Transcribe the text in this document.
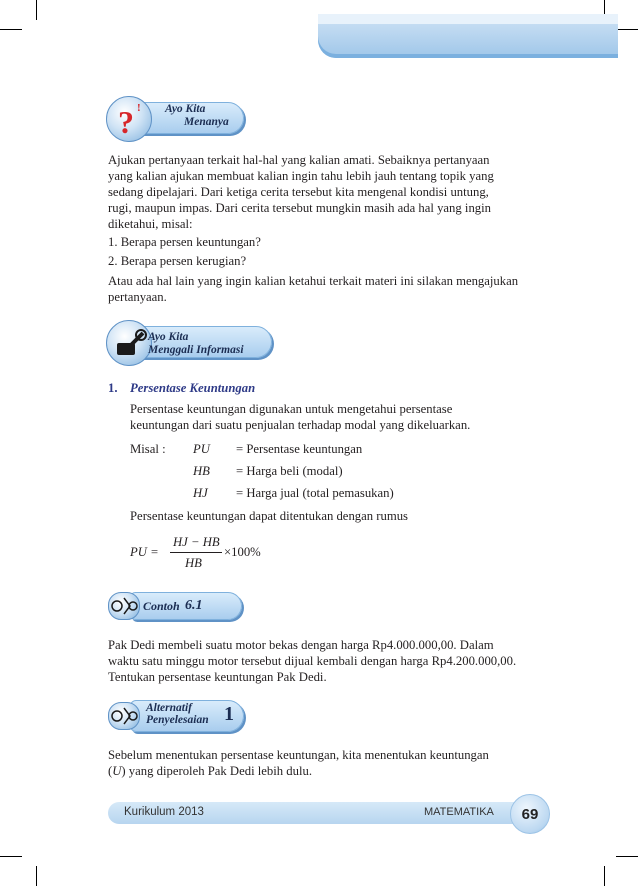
? ! Ayo Kita
Menanya
Ajukan pertanyaan terkait hal-hal yang kalian amati. Sebaiknya pertanyaan
yang kalian ajukan membuat kalian ingin tahu lebih jauh tentang topik yang
sedang dipelajari. Dari ketiga cerita tersebut kita mengenal kondisi untung,
rugi, maupun impas. Dari cerita tersebut mungkin masih ada hal yang ingin
diketahui, misal:
1. Berapa persen keuntungan?
2. Berapa persen kerugian?
Atau ada hal lain yang ingin kalian ketahui terkait materi ini silakan mengajukan
pertanyaan.
Ayo Kita
Menggali Informasi
1. Persentase Keuntungan
Persentase keuntungan digunakan untuk mengetahui persentase
keuntungan dari suatu penjualan terhadap modal yang dikeluarkan.
Misal : PU = Persentase keuntungan
HB = Harga beli (modal)
HJ = Harga jual (total pemasukan)
Persentase keuntungan dapat ditentukan dengan rumus
PU =
HJ − HB
HB
×100%
Contoh 6.1
Pak Dedi membeli suatu motor bekas dengan harga Rp4.000.000,00. Dalam
waktu satu minggu motor tersebut dijual kembali dengan harga Rp4.200.000,00.
Tentukan persentase keuntungan Pak Dedi.
Alternatif
Penyelesaian 1
Sebelum menentukan persentase keuntungan, kita menentukan keuntungan
(U) yang diperoleh Pak Dedi lebih dulu.
Kurikulum 2013	MATEMATIKA	69
